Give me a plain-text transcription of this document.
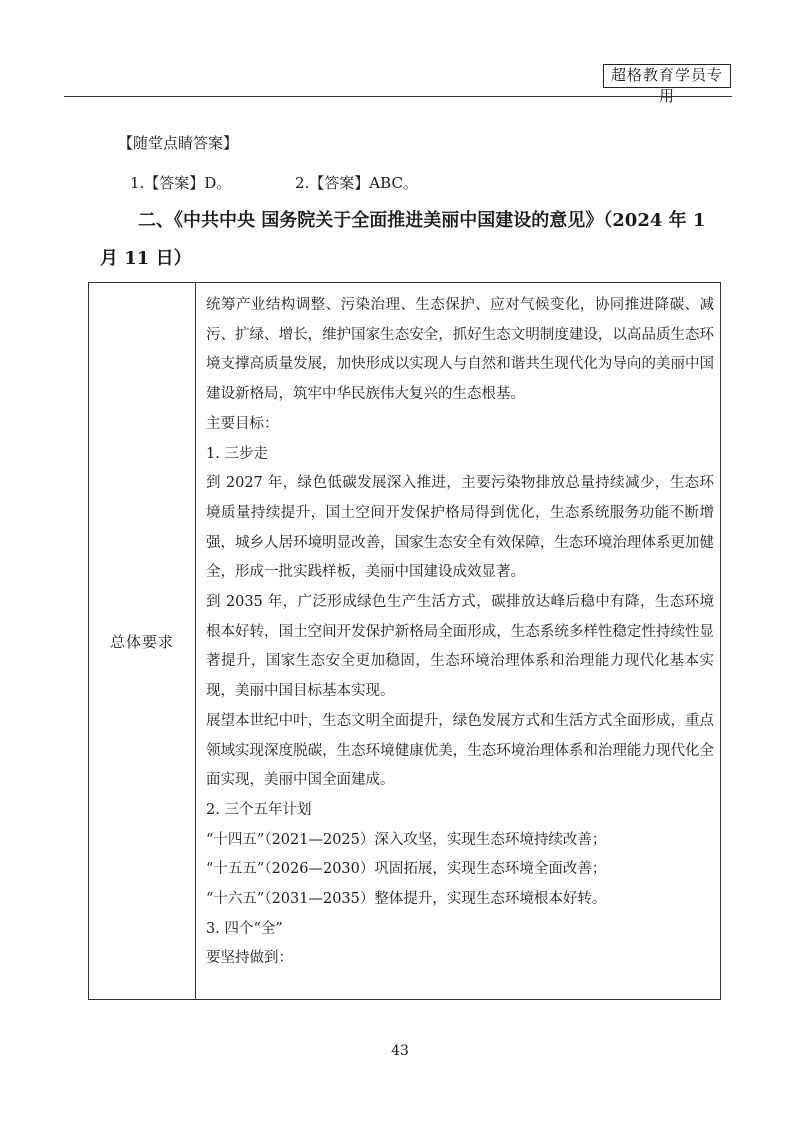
超格教育学员专用
【随堂点睛答案】
1.【答案】D。	2.【答案】ABC。
二、《中共中央 国务院关于全面推进美丽中国建设的意见》（2024 年 1
月 11 日）
总体要求	

统筹产业结构调整、污染治理、生态保护、应对气候变化，协同推进降碳、减污、扩绿、增长，维护国家生态安全，抓好生态文明制度建设，以高品质生态环境支撑高质量发展，加快形成以实现人与自然和谐共生现代化为导向的美丽中国建设新格局，筑牢中华民族伟大复兴的生态根基。

主要目标：

1. 三步走

到 2027 年，绿色低碳发展深入推进，主要污染物排放总量持续减少，生态环境质量持续提升，国土空间开发保护格局得到优化，生态系统服务功能不断增强，城乡人居环境明显改善，国家生态安全有效保障，生态环境治理体系更加健全，形成一批实践样板，美丽中国建设成效显著。

到 2035 年，广泛形成绿色生产生活方式，碳排放达峰后稳中有降，生态环境根本好转，国土空间开发保护新格局全面形成，生态系统多样性稳定性持续性显著提升，国家生态安全更加稳固，生态环境治理体系和治理能力现代化基本实现，美丽中国目标基本实现。

展望本世纪中叶，生态文明全面提升，绿色发展方式和生活方式全面形成，重点领域实现深度脱碳，生态环境健康优美，生态环境治理体系和治理能力现代化全面实现，美丽中国全面建成。

2. 三个五年计划

“十四五”（2021—2025）深入攻坚，实现生态环境持续改善；

“十五五”（2026—2030）巩固拓展，实现生态环境全面改善；

“十六五”（2031—2035）整体提升，实现生态环境根本好转。

3. 四个“全”

要坚持做到：

43
